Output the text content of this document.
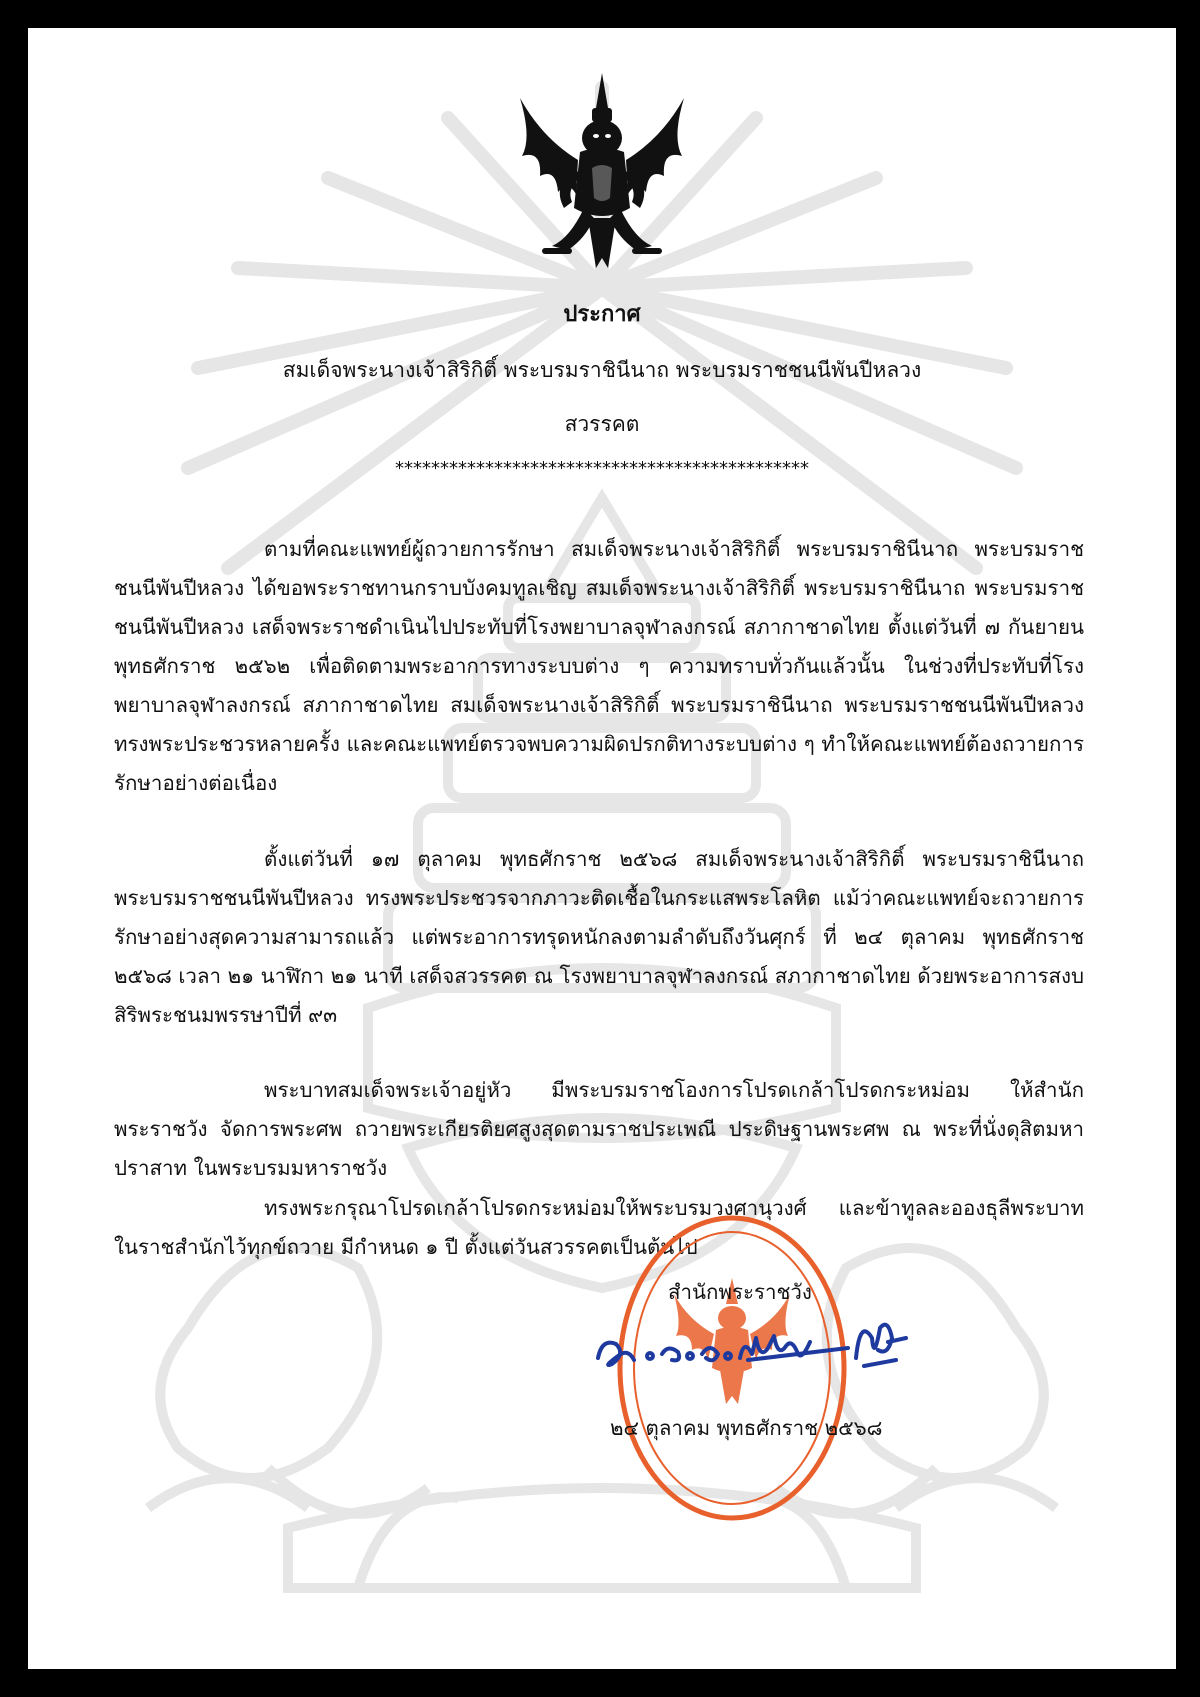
ประกาศ
สมเด็จพระนางเจ้าสิริกิติ์ พระบรมราชินีนาถ พระบรมราชชนนีพันปีหลวง
สวรรคต
**********************************************

ตามที่คณะแพทย์ผู้ถวายการรักษา สมเด็จพระนางเจ้าสิริกิติ์ พระบรมราชินีนาถ พระบรมราชชนนีพันปีหลวง ได้ขอพระราชทานกราบบังคมทูลเชิญ สมเด็จพระนางเจ้าสิริกิติ์ พระบรมราชินีนาถ พระบรมราชชนนีพันปีหลวง เสด็จพระราชดำเนินไปประทับที่โรงพยาบาลจุฬาลงกรณ์ สภากาชาดไทย ตั้งแต่วันที่ ๗ กันยายน พุทธศักราช ๒๕๖๒ เพื่อติดตามพระอาการทางระบบต่าง ๆ ความทราบทั่วกันแล้วนั้น ในช่วงที่ประทับที่โรงพยาบาลจุฬาลงกรณ์ สภากาชาดไทย สมเด็จพระนางเจ้าสิริกิติ์ พระบรมราชินีนาถ พระบรมราชชนนีพันปีหลวง ทรงพระประชวรหลายครั้ง และคณะแพทย์ตรวจพบความผิดปรกติทางระบบต่าง ๆ ทำให้คณะแพทย์ต้องถวายการรักษาอย่างต่อเนื่อง

ตั้งแต่วันที่ ๑๗ ตุลาคม พุทธศักราช ๒๕๖๘ สมเด็จพระนางเจ้าสิริกิติ์ พระบรมราชินีนาถ พระบรมราชชนนีพันปีหลวง ทรงพระประชวรจากภาวะติดเชื้อในกระแสพระโลหิต แม้ว่าคณะแพทย์จะถวายการรักษาอย่างสุดความสามารถแล้ว แต่พระอาการทรุดหนักลงตามลำดับถึงวันศุกร์ ที่ ๒๔ ตุลาคม พุทธศักราช ๒๕๖๘ เวลา ๒๑ นาฬิกา ๒๑ นาที เสด็จสวรรคต ณ โรงพยาบาลจุฬาลงกรณ์ สภากาชาดไทย ด้วยพระอาการสงบ สิริพระชนมพรรษาปีที่ ๙๓

พระบาทสมเด็จพระเจ้าอยู่หัว มีพระบรมราชโองการโปรดเกล้าโปรดกระหม่อม ให้สำนักพระราชวัง จัดการพระศพ ถวายพระเกียรติยศสูงสุดตามราชประเพณี ประดิษฐานพระศพ ณ พระที่นั่งดุสิตมหาปราสาท ในพระบรมมหาราชวัง

ทรงพระกรุณาโปรดเกล้าโปรดกระหม่อมให้พระบรมวงศานุวงศ์ และข้าทูลละอองธุลีพระบาท ในราชสำนักไว้ทุกข์ถวาย มีกำหนด ๑ ปี ตั้งแต่วันสวรรคตเป็นต้นไป

สำนักพระราชวัง
๒๔ ตุลาคม พุทธศักราช ๒๕๖๘
